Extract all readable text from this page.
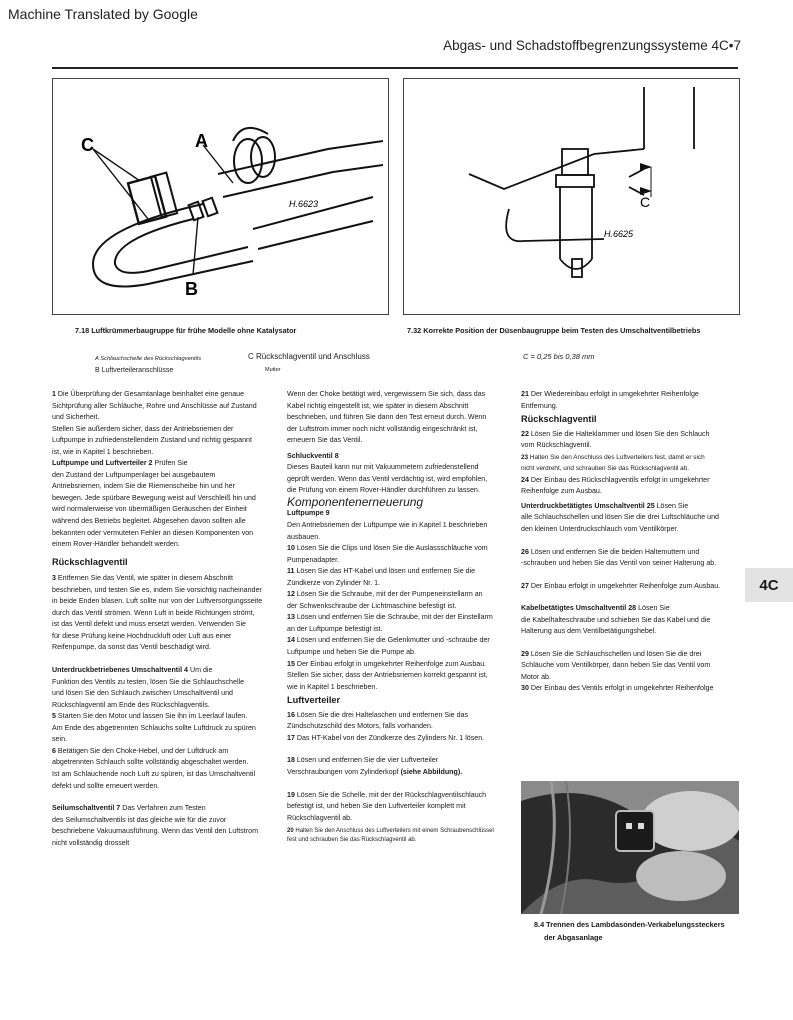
Machine Translated by Google
Abgas- und Schadstoffbegrenzungssysteme 4C•7
C	A
B
H.6623	C
H.6625
7.18 Luftkrümmerbaugruppe für frühe Modelle ohne Katalysator	7.32 Korrekte Position der Düsenbaugruppe beim Testen des Umschaltventilbetriebs
A Schlauchschelle des Rückschlagventils
B Luftverteileranschlüsse
C Rückschlagventil und Anschluss
Mutter
C = 0,25 bis 0,38 mm

1 Die Überprüfung der Gesamtanlage beinhaltet eine genaue

Sichtprüfung aller Schläuche, Rohre und Anschlüsse auf Zustand

und Sicherheit.

Stellen Sie außerdem sicher, dass der Antriebsriemen der

Luftpumpe in zufriedenstellendem Zustand und richtig gespannt

ist, wie in Kapitel 1 beschrieben.

Luftpumpe und Luftverteiler 2 Prüfen Sie

den Zustand der Luftpumpenlager bei ausgebautem

Antriebsriemen, indem Sie die Riemenscheibe hin und her

bewegen. Jede spürbare Bewegung weist auf Verschleiß hin und

wird normalerweise von übermäßigen Geräuschen der Einheit

während des Betriebs begleitet. Abgesehen davon sollten alle

bekannten oder vermuteten Fehler an diesen Komponenten von

einem Rover-Händler behandelt werden.

Rückschlagventil

3 Entfernen Sie das Ventil, wie später in diesem Abschnitt

beschrieben, und testen Sie es, indem Sie vorsichtig nacheinander

in beide Enden blasen. Luft sollte nur von der Luftversorgungsseite

durch das Ventil strömen. Wenn Luft in beide Richtungen strömt,

ist das Ventil defekt und muss ersetzt werden. Verwenden Sie

für diese Prüfung keine Hochdruckluft oder Luft aus einer

Reifenpumpe, da sonst das Ventil beschädigt wird.

Unterdruckbetriebenes Umschaltventil 4 Um die

Funktion des Ventils zu testen, lösen Sie die Schlauchschelle

und lösen Sie den Schlauch zwischen Umschaltventil und

Rückschlagventil am Ende des Rückschlagventils.

5 Starten Sie den Motor und lassen Sie ihn im Leerlauf laufen.

Am Ende des abgetrennten Schlauchs sollte Luftdruck zu spüren

sein.

6 Betätigen Sie den Choke-Hebel, und der Luftdruck am

abgetrennten Schlauch sollte vollständig abgeschaltet werden.

Ist am Schlauchende noch Luft zu spüren, ist das Umschaltventil

defekt und sollte erneuert werden.

Seilumschaltventil 7 Das Verfahren zum Testen

des Seilumschaltventils ist das gleiche wie für die zuvor

beschriebene Vakuumausführung. Wenn das Ventil den Luftstrom

nicht vollständig drosselt

Wenn der Choke betätigt wird, vergewissern Sie sich, dass das

Kabel richtig eingestellt ist, wie später in diesem Abschnitt

beschrieben, und führen Sie dann den Test erneut durch. Wenn

der Luftstrom immer noch nicht vollständig eingeschränkt ist,

erneuern Sie das Ventil.

Schluckventil 8

Dieses Bauteil kann nur mit Vakuummetern zufriedenstellend

geprüft werden. Wenn das Ventil verdächtig ist, wird empfohlen,

die Prüfung von einem Rover-Händler durchführen zu lassen.

Komponentenerneuerung

Luftpumpe 9

Den Antriebsriemen der Luftpumpe wie in Kapitel 1 beschrieben

ausbauen.

10 Lösen Sie die Clips und lösen Sie die Auslassschläuche vom

Pumpenadapter.

11 Lösen Sie das HT-Kabel und lösen und entfernen Sie die

Zündkerze von Zylinder Nr. 1.

12 Lösen Sie die Schraube, mit der der Pumpeneinstellarm an

der Schwenkschraube der Lichtmaschine befestigt ist.

13 Lösen und entfernen Sie die Schraube, mit der der Einstellarm

an der Luftpumpe befestigt ist.

14 Lösen und entfernen Sie die Gelenkmutter und -schraube der

Luftpumpe und heben Sie die Pumpe ab.

15 Der Einbau erfolgt in umgekehrter Reihenfolge zum Ausbau.

Stellen Sie sicher, dass der Antriebsriemen korrekt gespannt ist,

wie in Kapitel 1 beschrieben.

Luftverteiler

16 Lösen Sie die drei Haltelaschen und entfernen Sie das

Zündschutzschild des Motors, falls vorhanden.

17 Das HT-Kabel von der Zündkerze des Zylinders Nr. 1 lösen.

18 Lösen und entfernen Sie die vier Luftverteiler

Verschraubungen vom Zylinderkopf (siehe Abbildung).

19 Lösen Sie die Schelle, mit der der Rückschlagventilschlauch

befestigt ist, und heben Sie den Luftverteiler komplett mit

Rückschlagventil ab.

20 Halten Sie den Anschluss des Luftverteilers mit einem Schraubenschlüssel

fest und schrauben Sie das Rückschlagventil ab.

21 Der Wiedereinbau erfolgt in umgekehrter Reihenfolge

Entfernung.

Rückschlagventil

22 Lösen Sie die Halteklammer und lösen Sie den Schlauch

vom Rückschlagventil.

23 Halten Sie den Anschluss des Luftverteilers fest, damit er sich

nicht verdreht, und schrauben Sie das Rückschlagventil ab.

24 Der Einbau des Rückschlagventils erfolgt in umgekehrter

Reihenfolge zum Ausbau.

Unterdruckbetätigtes Umschaltventil 25 Lösen Sie

alle Schlauchschellen und lösen Sie die drei Luftschläuche und

den kleinen Unterdruckschlauch vom Ventilkörper.

26 Lösen und entfernen Sie die beiden Haltemuttern und

-schrauben und heben Sie das Ventil von seiner Halterung ab.

27 Der Einbau erfolgt in umgekehrter Reihenfolge zum Ausbau.

Kabelbetätigtes Umschaltventil 28 Lösen Sie

die Kabelhalteschraube und schieben Sie das Kabel und die

Halterung aus dem Ventilbetätigungshebel.

29 Lösen Sie die Schlauchschellen und lösen Sie die drei

Schläuche vom Ventilkörper, dann heben Sie das Ventil vom

Motor ab.

30 Der Einbau des Ventils erfolgt in umgekehrter Reihenfolge

4C
8.4 Trennen des Lambdasonden-Verkabelungssteckers
der Abgasanlage
